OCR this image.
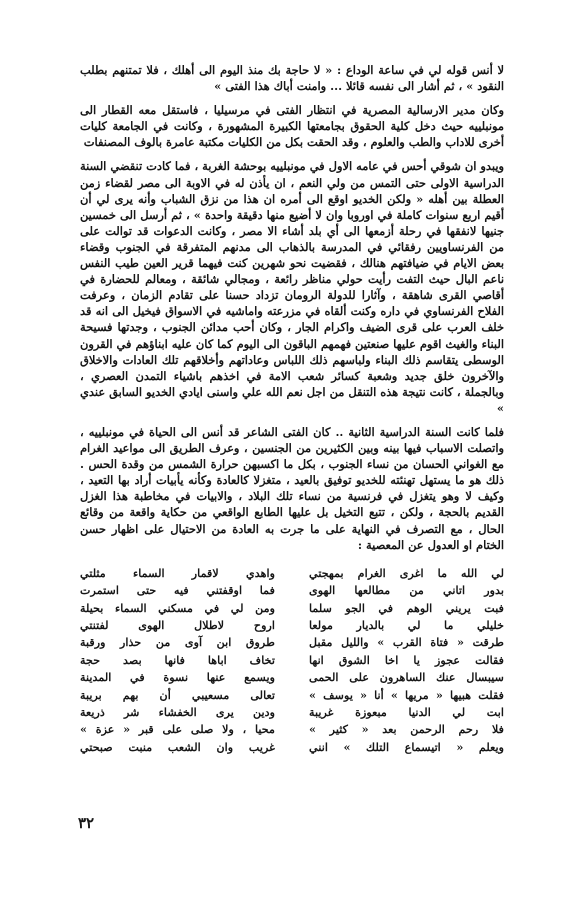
لا أنس قوله لي في ساعة الوداع : « لا حاجة بك منذ اليوم الى أهلك ، فلا تمتنهم بطلب النقود » ، ثم أشار الى نفسه قائلا ... وامنت أباك هذا الفتى »

وكان مدير الارسالية المصرية في انتظار الفتى في مرسيليا ، فاستقل معه القطار الى مونبلييه حيث دخل كلية الحقوق بجامعتها الكبيرة المشهورة ، وكانت في الجامعة كليات أخرى للاداب والطب والعلوم ، وقد الحقت بكل من الكليات مكتبة عامرة بالوف المصنفات

ويبدو ان شوقي أحس في عامه الاول في مونبلييه بوحشة الغربة ، فما كادت تنقضي السنة الدراسية الاولى حتى التمس من ولي النعم ، ان يأذن له في الاوبة الى مصر لقضاء زمن العطلة بين أهله « ولكن الخديو اوقع الى أمره ان هذا من نزق الشباب وأنه يرى لي أن أقيم اربع سنوات كاملة في اوروبا وان لا أضيع منها دقيقة واحدة » ، ثم أرسل الى خمسين جنيها لانفقها في رحلة أزمعها الى أي بلد أشاء الا مصر ، وكانت الدعوات قد توالت على من الفرنساويين رفقائي في المدرسة بالذهاب الى مدنهم المتفرقة في الجنوب وقضاء بعض الايام في ضيافتهم هنالك ، فقضيت نحو شهرين كنت فيهما قرير العين طيب النفس ناعم البال حيث التفت رأيت حولي مناظر رائعة ، ومجالي شائقة ، ومعالم للحضارة في أقاصي القرى شاهقة ، وآثارا للدولة الرومان تزداد حسنا على تقادم الزمان ، وعرفت الفلاح الفرنساوي في داره وكنت ألقاه في مزرعته واماشيه في الاسواق فيخيل الى انه قد خلف العرب على قرى الضيف واكرام الجار ، وكان أحب مدائن الجنوب ، وجدتها فسيحة البناء والغيث اقوم عليها صنعتين فهمهم الباقون الى اليوم كما كان عليه ابناؤهم في القرون الوسطى يتقاسم ذلك البناء ولباسهم ذلك اللباس وعاداتهم وأخلاقهم تلك العادات والاخلاق والآخرون خلق جديد وشعبة كسائر شعب الامة في اخذهم باشياء التمدن العصري ، وبالجملة ، كانت نتيجة هذه التنقل من اجل نعم الله علي واسنى ايادي الخديو السابق عندي »

فلما كانت السنة الدراسية الثانية .. كان الفتى الشاعر قد أنس الى الحياة في مونبلييه ، واتصلت الاسباب فيها بينه وبين الكثيرين من الجنسين ، وعرف الطريق الى مواعيد الغرام مع الغواني الحسان من نساء الجنوب ، بكل ما اكسبهن حرارة الشمس من وقدة الحس . ذلك هو ما يستهل تهنئته للخديو توفيق بالعيد ، متغزلا كالعادة وكأنه يأبيات أراد بها التعيد ، وكيف لا وهو يتغزل في فرنسية من نساء تلك البلاد ، والابيات في مخاطبة هذا الغزل القديم بالحجة ، ولكن ، تتبع التخيل بل عليها الطابع الواقعي من حكاية واقعة من وقائع الحال ، مع التصرف في النهاية على ما جرت به العادة من الاحتيال على اظهار حسن الختام او العدول عن المعصية :

لي الله ما اغرى الغرام بمهجتي
بدور اتاني من مطالعها الهوى
فبت يريني الوهم في الجو سلما
خليلي ما لي بالديار مولعا
طرقت « فتاة القرب » والليل مقبل
فقالت عجوز يا اخا الشوق انها
سيبسال عنك الساهرون على الحمى
فقلت هبيها « مريها » أنا « يوسف »
ابت لي الدنيا مبعوزة غريبة
فلا رحم الرحمن بعد « كثير »
ويعلم « اتيسماع التلك » انني
واهدي لاقمار السماء مثلتي
فما اوقفتني فيه حتى استمرت
ومن لي في مسكني السماء بحيلة
اروح لاطلال الهوى لفتنتي
طروق ابن آوى من حذار ورقبة
تخاف اباها فانها بصد حجة
ويسمع عنها نسوة في المدينة
تعالى مسعيبي أن بهم بريبة
ودين يرى الخفشاء شر ذريعة
محيا ، ولا صلى على قبر « عزة »
غريب وان الشعب منبت صبحتي
٣٢
